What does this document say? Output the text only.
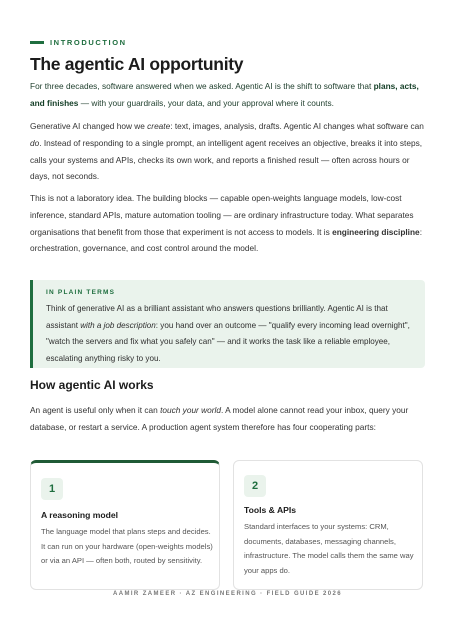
INTRODUCTION
The agentic AI opportunity

For three decades, software answered when we asked. Agentic AI is the shift to software that plans, acts, and finishes — with your guardrails, your data, and your approval where it counts.

Generative AI changed how we create: text, images, analysis, drafts. Agentic AI changes what software can do. Instead of responding to a single prompt, an intelligent agent receives an objective, breaks it into steps, calls your systems and APIs, checks its own work, and reports a finished result — often across hours or days, not seconds.

This is not a laboratory idea. The building blocks — capable open-weights language models, low-cost inference, standard APIs, mature automation tooling — are ordinary infrastructure today. What separates organisations that benefit from those that experiment is not access to models. It is engineering discipline: orchestration, governance, and cost control around the model.

IN PLAIN TERMS
Think of generative AI as a brilliant assistant who answers questions brilliantly. Agentic AI is that assistant with a job description: you hand over an outcome — "qualify every incoming lead overnight", "watch the servers and fix what you safely can" — and it works the task like a reliable employee, escalating anything risky to you.
How agentic AI works

An agent is useful only when it can touch your world. A model alone cannot read your inbox, query your database, or restart a service. A production agent system therefore has four cooperating parts:

1
A reasoning model
The language model that plans steps and decides. It can run on your hardware (open-weights models) or via an API — often both, routed by sensitivity.
2
Tools & APIs
Standard interfaces to your systems: CRM, documents, databases, messaging channels, infrastructure. The model calls them the same way your apps do.
AAMIR ZAMEER · AZ ENGINEERING · FIELD GUIDE 2026
